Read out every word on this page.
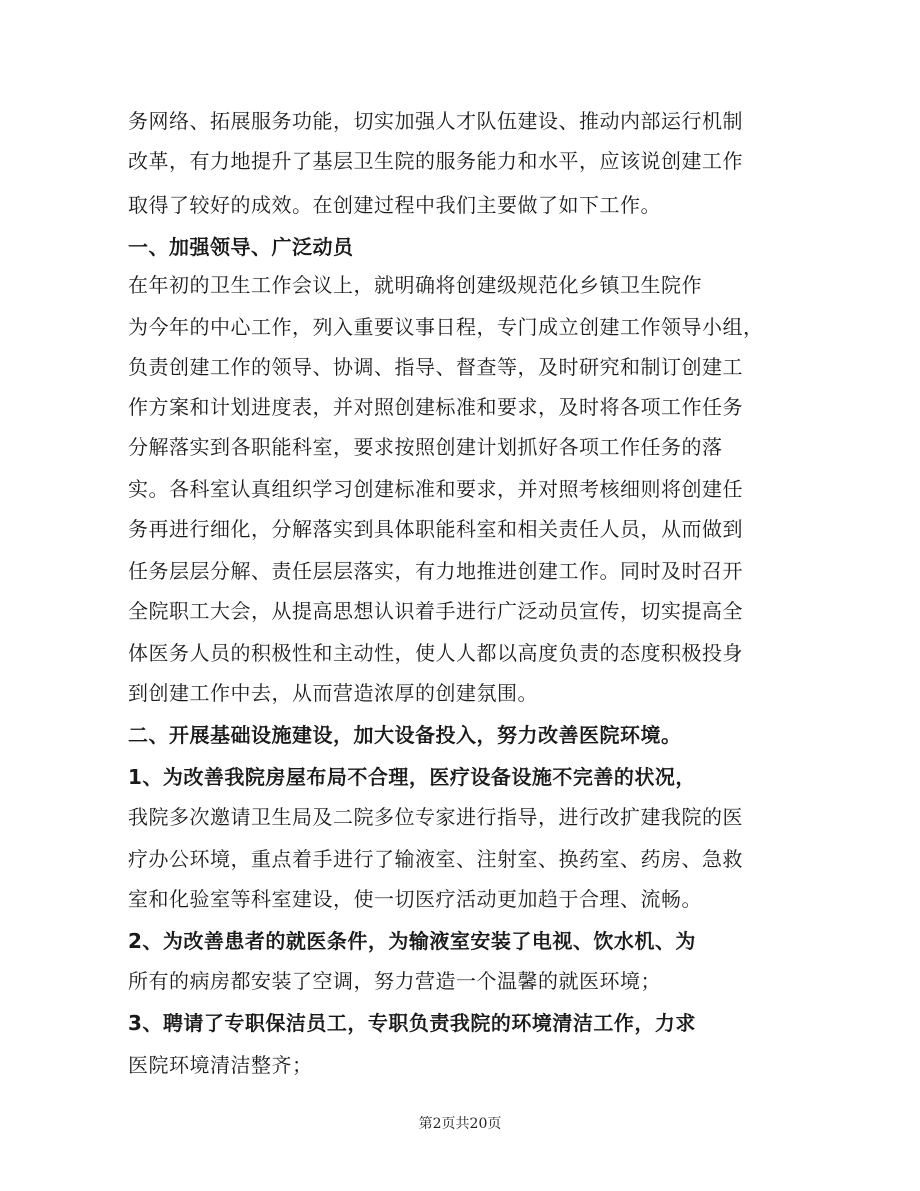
务网络、拓展服务功能，切实加强人才队伍建设、推动内部运行机制
改革，有力地提升了基层卫生院的服务能力和水平，应该说创建工作
取得了较好的成效。在创建过程中我们主要做了如下工作。
一、加强领导、广泛动员
在年初的卫生工作会议上，就明确将创建级规范化乡镇卫生院作
为今年的中心工作，列入重要议事日程，专门成立创建工作领导小组，
负责创建工作的领导、协调、指导、督查等，及时研究和制订创建工
作方案和计划进度表，并对照创建标准和要求，及时将各项工作任务
分解落实到各职能科室，要求按照创建计划抓好各项工作任务的落
实。各科室认真组织学习创建标准和要求，并对照考核细则将创建任
务再进行细化，分解落实到具体职能科室和相关责任人员，从而做到
任务层层分解、责任层层落实，有力地推进创建工作。同时及时召开
全院职工大会，从提高思想认识着手进行广泛动员宣传，切实提高全
体医务人员的积极性和主动性，使人人都以高度负责的态度积极投身
到创建工作中去，从而营造浓厚的创建氛围。
二、开展基础设施建设，加大设备投入，努力改善医院环境。
1、为改善我院房屋布局不合理，医疗设备设施不完善的状况，
我院多次邀请卫生局及二院多位专家进行指导，进行改扩建我院的医
疗办公环境，重点着手进行了输液室、注射室、换药室、药房、急救
室和化验室等科室建设，使一切医疗活动更加趋于合理、流畅。
2、为改善患者的就医条件，为输液室安装了电视、饮水机、为
所有的病房都安装了空调，努力营造一个温馨的就医环境；
3、聘请了专职保洁员工，专职负责我院的环境清洁工作，力求
医院环境清洁整齐；
第2页共20页
